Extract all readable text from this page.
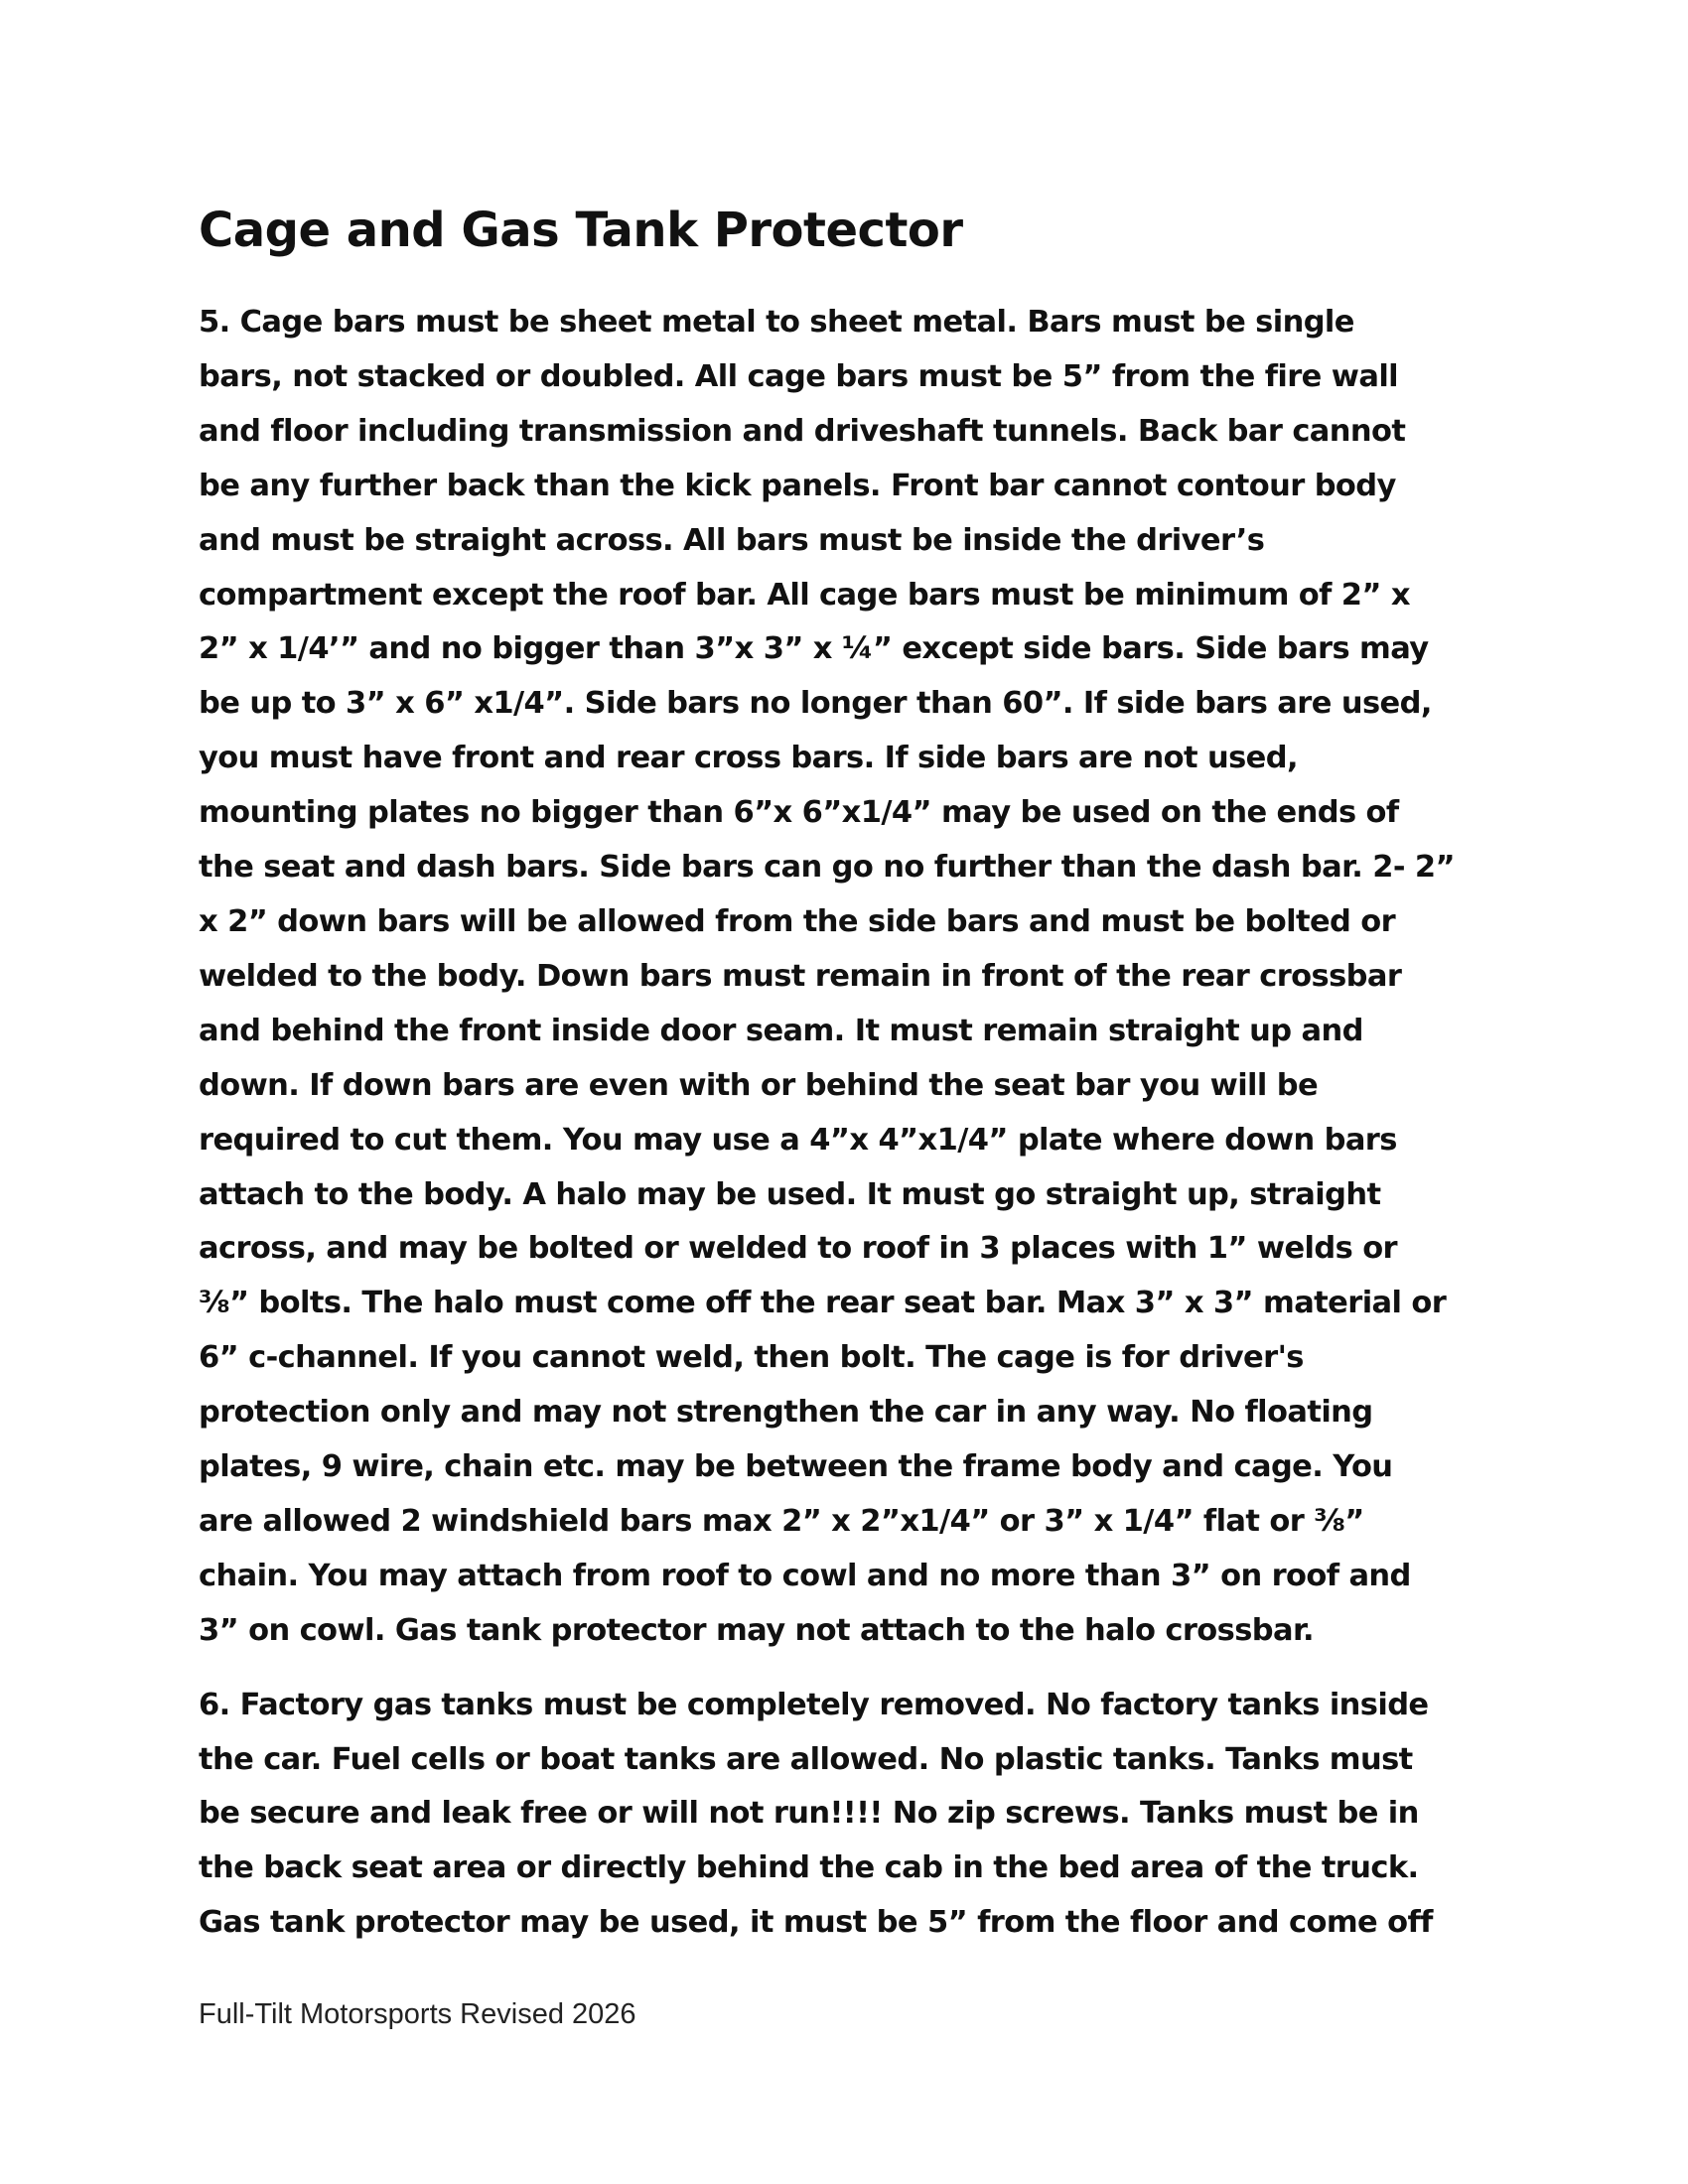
Cage and Gas Tank Protector

5. Cage bars must be sheet metal to sheet metal. Bars must be single
bars, not stacked or doubled. All cage bars must be 5” from the fire wall
and floor including transmission and driveshaft tunnels. Back bar cannot
be any further back than the kick panels. Front bar cannot contour body
and must be straight across. All bars must be inside the driver’s
compartment except the roof bar. All cage bars must be minimum of 2” x
2” x 1/4’” and no bigger than 3”x 3” x ¼” except side bars. Side bars may
be up to 3” x 6” x1/4”. Side bars no longer than 60”. If side bars are used,
you must have front and rear cross bars. If side bars are not used,
mounting plates no bigger than 6”x 6”x1/4” may be used on the ends of
the seat and dash bars. Side bars can go no further than the dash bar. 2- 2”
x 2” down bars will be allowed from the side bars and must be bolted or
welded to the body. Down bars must remain in front of the rear crossbar
and behind the front inside door seam. It must remain straight up and
down. If down bars are even with or behind the seat bar you will be
required to cut them. You may use a 4”x 4”x1/4” plate where down bars
attach to the body. A halo may be used. It must go straight up, straight
across, and may be bolted or welded to roof in 3 places with 1” welds or
⅜” bolts. The halo must come off the rear seat bar. Max 3” x 3” material or
6” c-channel. If you cannot weld, then bolt. The cage is for driver's
protection only and may not strengthen the car in any way. No floating
plates, 9 wire, chain etc. may be between the frame body and cage. You
are allowed 2 windshield bars max 2” x 2”x1/4” or 3” x 1/4” flat or ⅜”
chain. You may attach from roof to cowl and no more than 3” on roof and
3” on cowl. Gas tank protector may not attach to the halo crossbar.

6. Factory gas tanks must be completely removed. No factory tanks inside
the car. Fuel cells or boat tanks are allowed. No plastic tanks. Tanks must
be secure and leak free or will not run!!!! No zip screws. Tanks must be in
the back seat area or directly behind the cab in the bed area of the truck.
Gas tank protector may be used, it must be 5” from the floor and come off

Full-Tilt Motorsports Revised 2026
